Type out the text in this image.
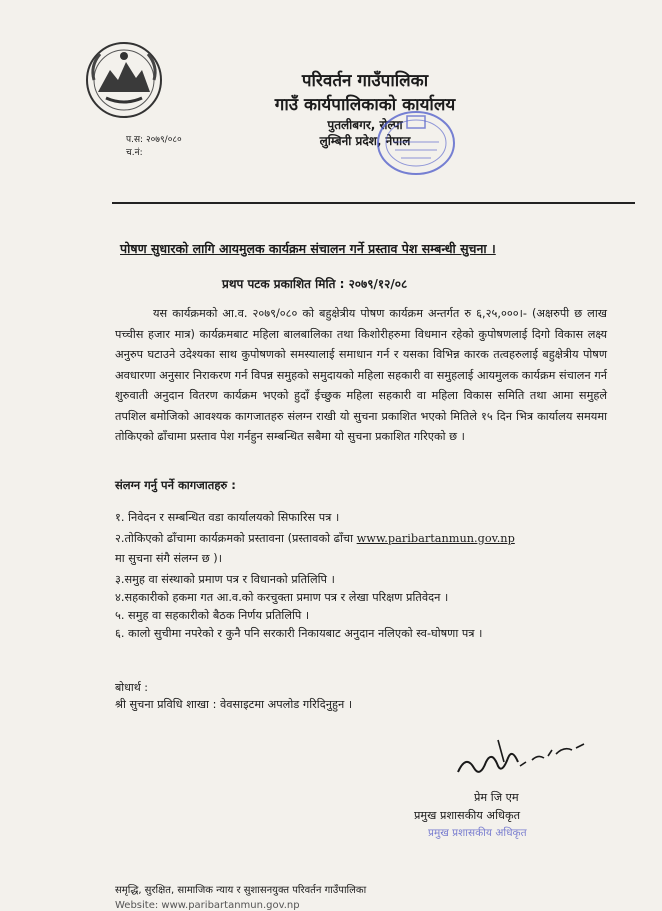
परिवर्तन गाउँपालिका
गाउँ कार्यपालिकाको कार्यालय
पुतलीबगर, रोल्पा
लुम्बिनी प्रदेश, नेपाल
प.स: २०७९/०८०
च.नं:
पोषण सुधारको लागि आयमुलक कार्यक्रम संचालन गर्ने प्रस्ताव पेश सम्बन्धी सुचना ।
प्रथप पटक प्रकाशित मिति : २०७९/१२/०८
यस कार्यक्रमको आ.व. २०७९/०८० को बहुक्षेत्रीय पोषण कार्यक्रम अन्तर्गत रु ६,२५,०००।- (अक्षरुपी छ लाख पच्चीस हजार मात्र) कार्यक्रमबाट महिला बालबालिका तथा किशोरीहरुमा विधमान रहेको कुपोषणलाई दिगो विकास लक्ष्य अनुरुप घटाउने उदेश्यका साथ कुपोषणको समस्यालाई समाधान गर्न र यसका विभिन्न कारक तत्वहरुलाई बहुक्षेत्रीय पोषण अवधारणा अनुसार निराकरण गर्न विपन्न समुहको समुदायको महिला सहकारी वा समुहलाई आयमुलक कार्यक्रम संचालन गर्न शुरुवाती अनुदान वितरण कार्यक्रम भएको हुदाँ ईच्छुक महिला सहकारी वा महिला विकास समिति तथा आमा समुहले तपशिल बमोजिको आवश्यक कागजातहरु संलग्न राखी यो सुचना प्रकाशित भएको मितिले १५ दिन भित्र कार्यालय समयमा तोकिएको ढाँचामा प्रस्ताव पेश गर्नहुन सम्बन्धित सबैमा यो सुचना प्रकाशित गरिएको छ ।
संलग्न गर्नु पर्ने कागजातहरु :
१. निवेदन र सम्बन्धित वडा कार्यालयको सिफारिस पत्र ।
२.तोकिएको ढाँचामा कार्यक्रमको प्रस्तावना (प्रस्तावको ढाँचा www.paribartanmun.gov.np
मा सुचना संगै संलग्न छ )।
३.समुह वा संस्थाको प्रमाण पत्र र विधानको प्रतिलिपि ।
४.सहकारीको हकमा गत आ.व.को करचुक्ता प्रमाण पत्र र लेखा परिक्षण प्रतिवेदन ।
५. समुह वा सहकारीको बैठक निर्णय प्रतिलिपि ।
६. कालो सुचीमा नपरेको र कुनै पनि सरकारी निकायबाट अनुदान नलिएको स्व-घोषणा पत्र ।
बोधार्थ :
श्री सुचना प्रविधि शाखा : वेवसाइटमा अपलोड गरिदिनुहुन ।
प्रेम जि एम
प्रमुख प्रशासकीय अधिकृत
प्रमुख प्रशासकीय अधिकृत
समृद्धि, सुरक्षित, सामाजिक न्याय र सुशासनयुक्त परिवर्तन गाउँपालिका
Website: www.paribartanmun.gov.np
